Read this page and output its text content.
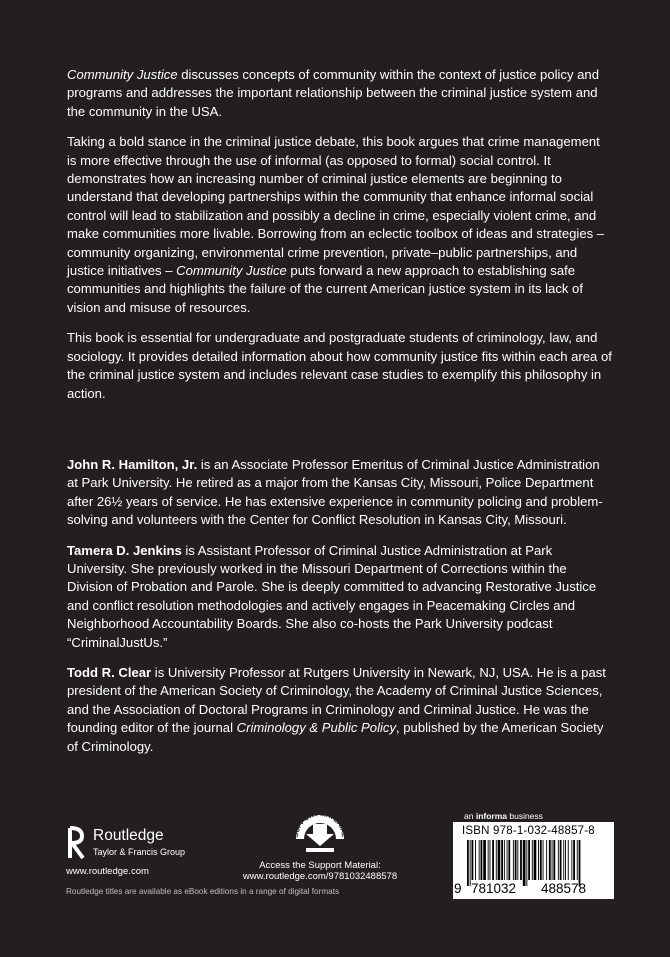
Community Justice discusses concepts of community within the context of justice policy and programs and addresses the important relationship between the criminal justice system and the community in the USA.

Taking a bold stance in the criminal justice debate, this book argues that crime management is more effective through the use of informal (as opposed to formal) social control. It demonstrates how an increasing number of criminal justice elements are beginning to understand that developing partnerships within the community that enhance informal social control will lead to stabilization and possibly a decline in crime, especially violent crime, and make communities more livable. Borrowing from an eclectic toolbox of ideas and strategies – community organizing, environmental crime prevention, private–public partnerships, and justice initiatives – Community Justice puts forward a new approach to establishing safe communities and highlights the failure of the current American justice system in its lack of vision and misuse of resources.

This book is essential for undergraduate and postgraduate students of criminology, law, and sociology. It provides detailed information about how community justice fits within each area of the criminal justice system and includes relevant case studies to exemplify this philosophy in action.

John R. Hamilton, Jr. is an Associate Professor Emeritus of Criminal Justice Administration at Park University. He retired as a major from the Kansas City, Missouri, Police Department after 26½ years of service. He has extensive experience in community policing and problem-solving and volunteers with the Center for Conflict Resolution in Kansas City, Missouri.

Tamera D. Jenkins is Assistant Professor of Criminal Justice Administration at Park University. She previously worked in the Missouri Department of Corrections within the Division of Probation and Parole. She is deeply committed to advancing Restorative Justice and conflict resolution methodologies and actively engages in Peacemaking Circles and Neighborhood Accountability Boards. She also co-hosts the Park University podcast “CriminalJustUs.”

Todd R. Clear is University Professor at Rutgers University in Newark, NJ, USA. He is a past president of the American Society of Criminology, the Academy of Criminal Justice Sciences, and the Association of Doctoral Programs in Criminology and Criminal Justice. He was the founding editor of the journal Criminology & Public Policy, published by the American Society of Criminology.

ROUTLEDGE Routledge
Taylor & Francis Group
www.routledge.com
SUPPORT MATERIAL
Access the Support Material:
www.routledge.com/9781032488578
an informa business
ISBN 978-1-032-48857-8
9 781032 488578
Routledge titles are available as eBook editions in a range of digital formats
